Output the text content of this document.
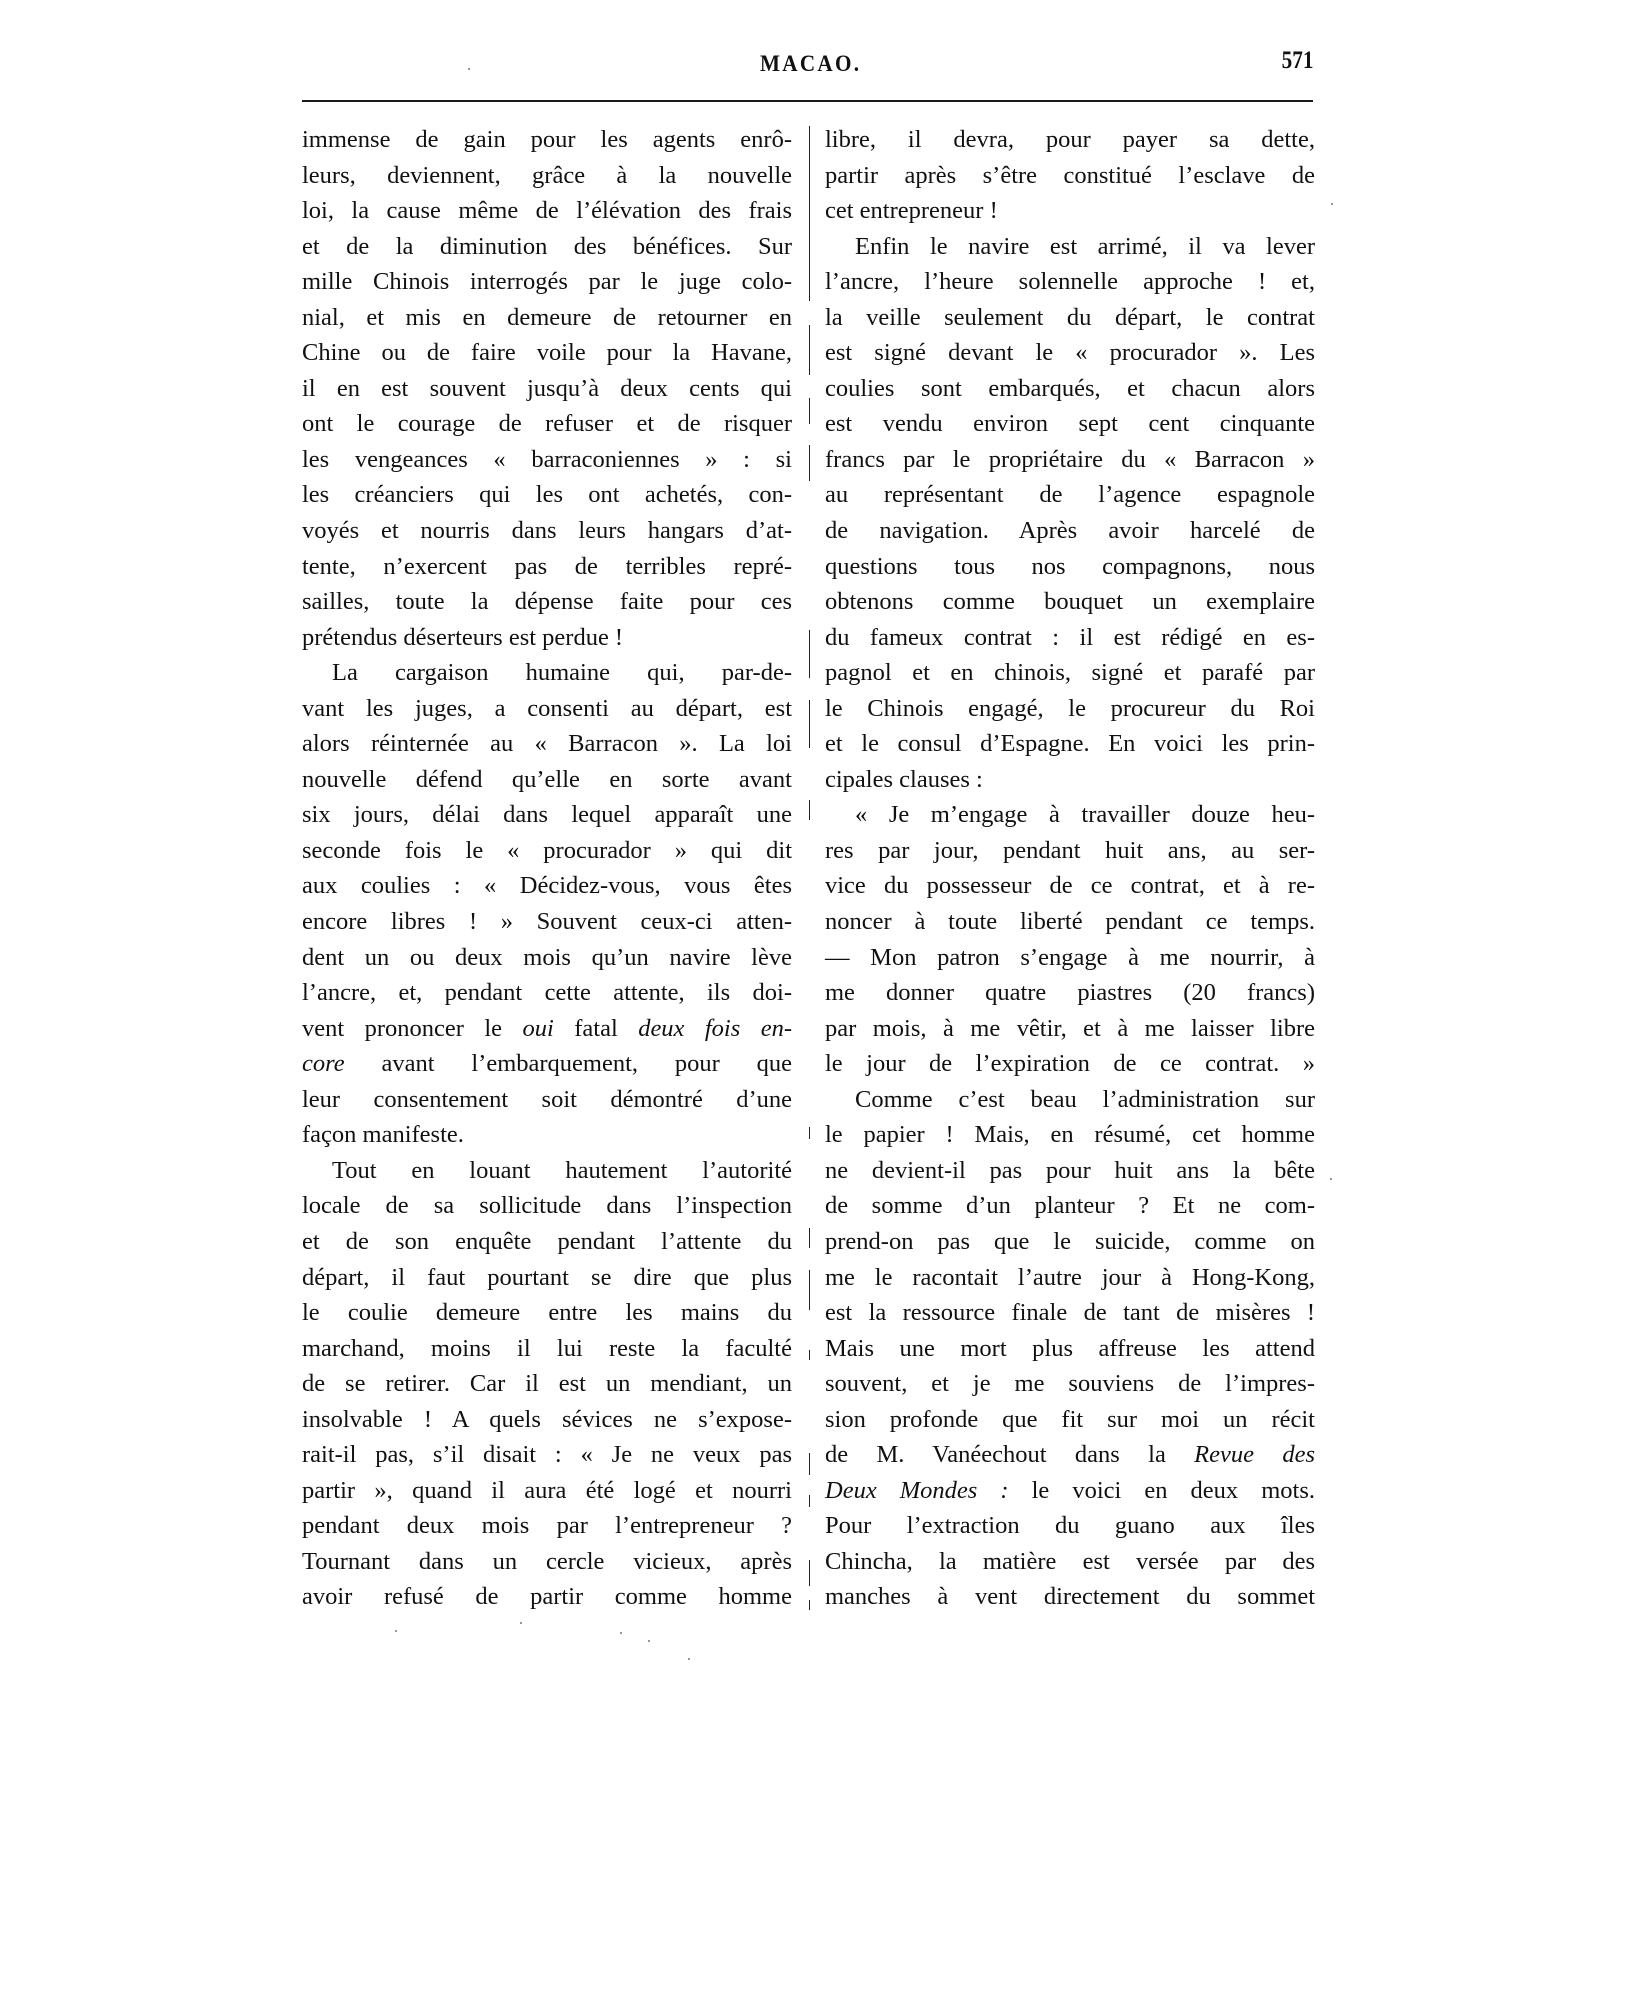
MACAO.	571
immense de gain pour les agents enrô-
leurs, deviennent, grâce à la nouvelle
loi, la cause même de l’élévation des frais
et de la diminution des bénéfices. Sur
mille Chinois interrogés par le juge colo-
nial, et mis en demeure de retourner en
Chine ou de faire voile pour la Havane,
il en est souvent jusqu’à deux cents qui
ont le courage de refuser et de risquer
les vengeances « barraconiennes » : si
les créanciers qui les ont achetés, con-
voyés et nourris dans leurs hangars d’at-
tente, n’exercent pas de terribles repré-
sailles, toute la dépense faite pour ces
prétendus déserteurs est perdue !
La cargaison humaine qui, par-de-
vant les juges, a consenti au départ, est
alors réinternée au « Barracon ». La loi
nouvelle défend qu’elle en sorte avant
six jours, délai dans lequel apparaît une
seconde fois le « procurador » qui dit
aux coulies : « Décidez-vous, vous êtes
encore libres ! » Souvent ceux-ci atten-
dent un ou deux mois qu’un navire lève
l’ancre, et, pendant cette attente, ils doi-
vent prononcer le oui fatal deux fois en-
core avant l’embarquement, pour que
leur consentement soit démontré d’une
façon manifeste.
Tout en louant hautement l’autorité
locale de sa sollicitude dans l’inspection
et de son enquête pendant l’attente du
départ, il faut pourtant se dire que plus
le coulie demeure entre les mains du
marchand, moins il lui reste la faculté
de se retirer. Car il est un mendiant, un
insolvable ! A quels sévices ne s’expose-
rait-il pas, s’il disait : « Je ne veux pas
partir », quand il aura été logé et nourri
pendant deux mois par l’entrepreneur ?
Tournant dans un cercle vicieux, après
avoir refusé de partir comme homme
libre, il devra, pour payer sa dette,
partir après s’être constitué l’esclave de
cet entrepreneur !
Enfin le navire est arrimé, il va lever
l’ancre, l’heure solennelle approche ! et,
la veille seulement du départ, le contrat
est signé devant le « procurador ». Les
coulies sont embarqués, et chacun alors
est vendu environ sept cent cinquante
francs par le propriétaire du « Barracon »
au représentant de l’agence espagnole
de navigation. Après avoir harcelé de
questions tous nos compagnons, nous
obtenons comme bouquet un exemplaire
du fameux contrat : il est rédigé en es-
pagnol et en chinois, signé et parafé par
le Chinois engagé, le procureur du Roi
et le consul d’Espagne. En voici les prin-
cipales clauses :
« Je m’engage à travailler douze heu-
res par jour, pendant huit ans, au ser-
vice du possesseur de ce contrat, et à re-
noncer à toute liberté pendant ce temps.
— Mon patron s’engage à me nourrir, à
me donner quatre piastres (20 francs)
par mois, à me vêtir, et à me laisser libre
le jour de l’expiration de ce contrat. »
Comme c’est beau l’administration sur
le papier ! Mais, en résumé, cet homme
ne devient-il pas pour huit ans la bête
de somme d’un planteur ? Et ne com-
prend-on pas que le suicide, comme on
me le racontait l’autre jour à Hong-Kong,
est la ressource finale de tant de misères !
Mais une mort plus affreuse les attend
souvent, et je me souviens de l’impres-
sion profonde que fit sur moi un récit
de M. Vanéechout dans la Revue des
Deux Mondes : le voici en deux mots.
Pour l’extraction du guano aux îles
Chincha, la matière est versée par des
manches à vent directement du sommet
